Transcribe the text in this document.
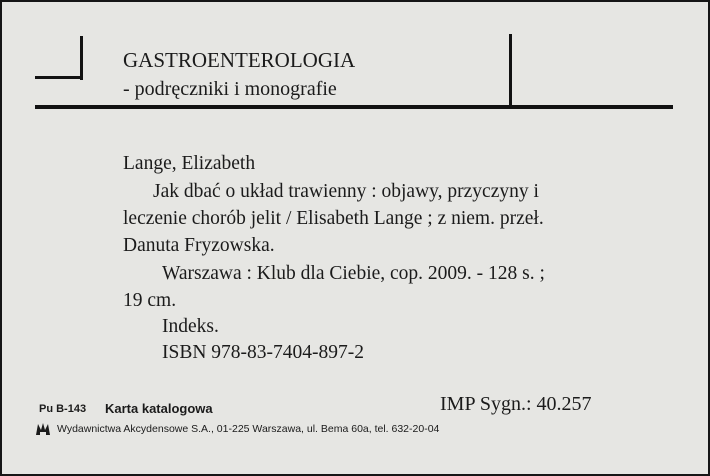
GASTROENTEROLOGIA
- podręczniki i monografie
Lange, Elizabeth
Jak dbać o układ trawienny : objawy, przyczyny i
leczenie chorób jelit / Elisabeth Lange ; z niem. przeł.
Danuta Fryzowska.
Warszawa : Klub dla Ciebie, cop. 2009. - 128 s. ;
19 cm.
Indeks.
ISBN 978-83-7404-897-2
Pu B-143 Karta katalogowa	IMP Sygn.: 40.257
Wydawnictwa Akcydensowe S.A., 01-225 Warszawa, ul. Bema 60a, tel. 632-20-04
